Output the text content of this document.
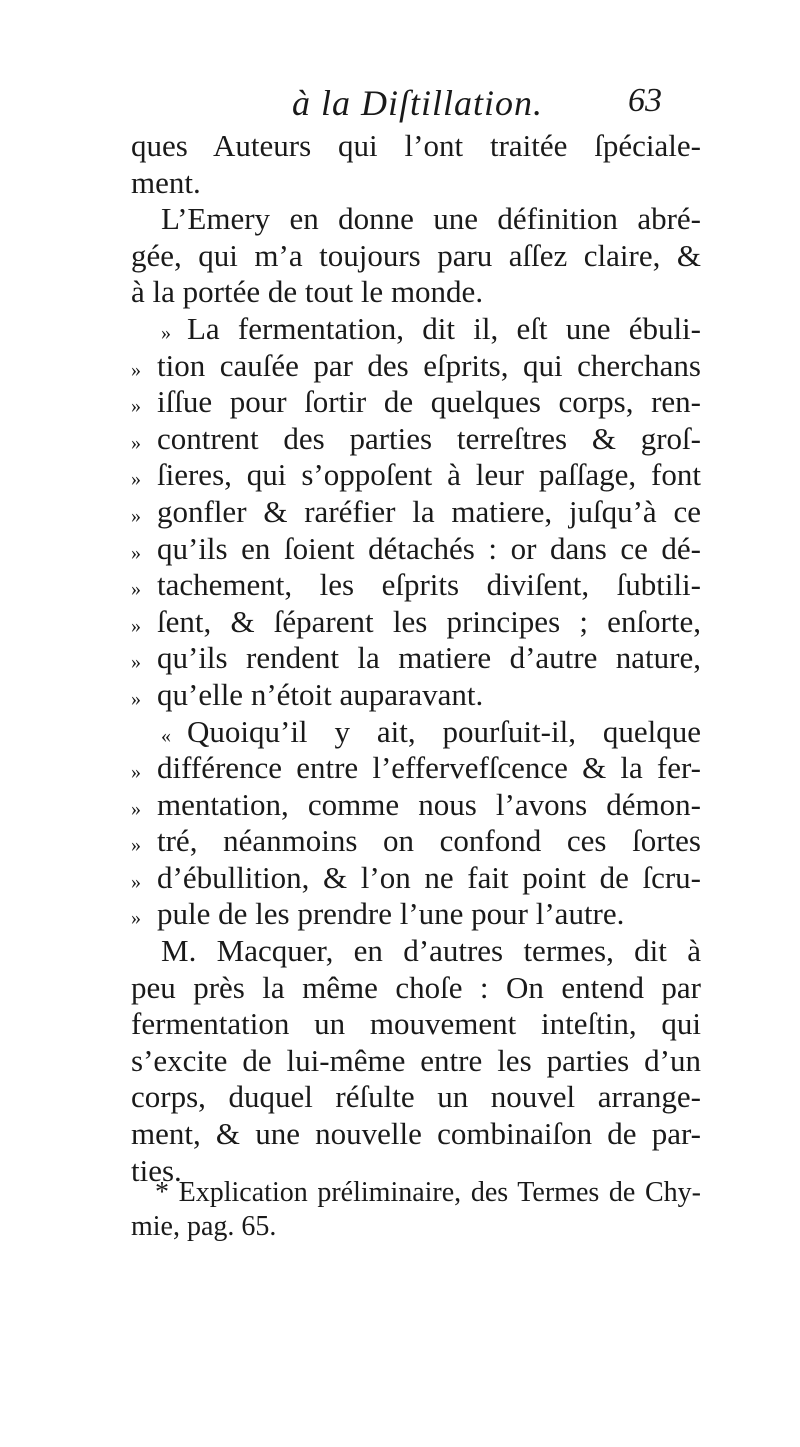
à la Diſtillation. 63
ques Auteurs qui l’ont traitée ſpéciale-
ment.
L’Emery en donne une définition abré-
gée, qui m’a toujours paru aſſez claire, &
à la portée de tout le monde.
» La fermentation, dit il, eſt une ébuli-
» tion cauſée par des eſprits, qui cherchans
» iſſue pour ſortir de quelques corps, ren-
» contrent des parties terreſtres & groſ-
» ſieres, qui s’oppoſent à leur paſſage, font
» gonfler & raréfier la matiere, juſqu’à ce
» qu’ils en ſoient détachés : or dans ce dé-
» tachement, les eſprits diviſent, ſubtili-
» ſent, & ſéparent les principes ; enſorte,
» qu’ils rendent la matiere d’autre nature,
» qu’elle n’étoit auparavant.
« Quoiqu’il y ait, pourſuit-il, quelque
» différence entre l’effervefſcence & la fer-
» mentation, comme nous l’avons démon-
» tré, néanmoins on confond ces ſortes
» d’ébullition, & l’on ne fait point de ſcru-
» pule de les prendre l’une pour l’autre.
M. Macquer, en d’autres termes, dit à
peu près la même choſe : On entend par
fermentation un mouvement inteſtin, qui
s’excite de lui-même entre les parties d’un
corps, duquel réſulte un nouvel arrange-
ment, & une nouvelle combinaiſon de par-
ties.
* Explication préliminaire, des Termes de Chy-
mie, pag. 65.
